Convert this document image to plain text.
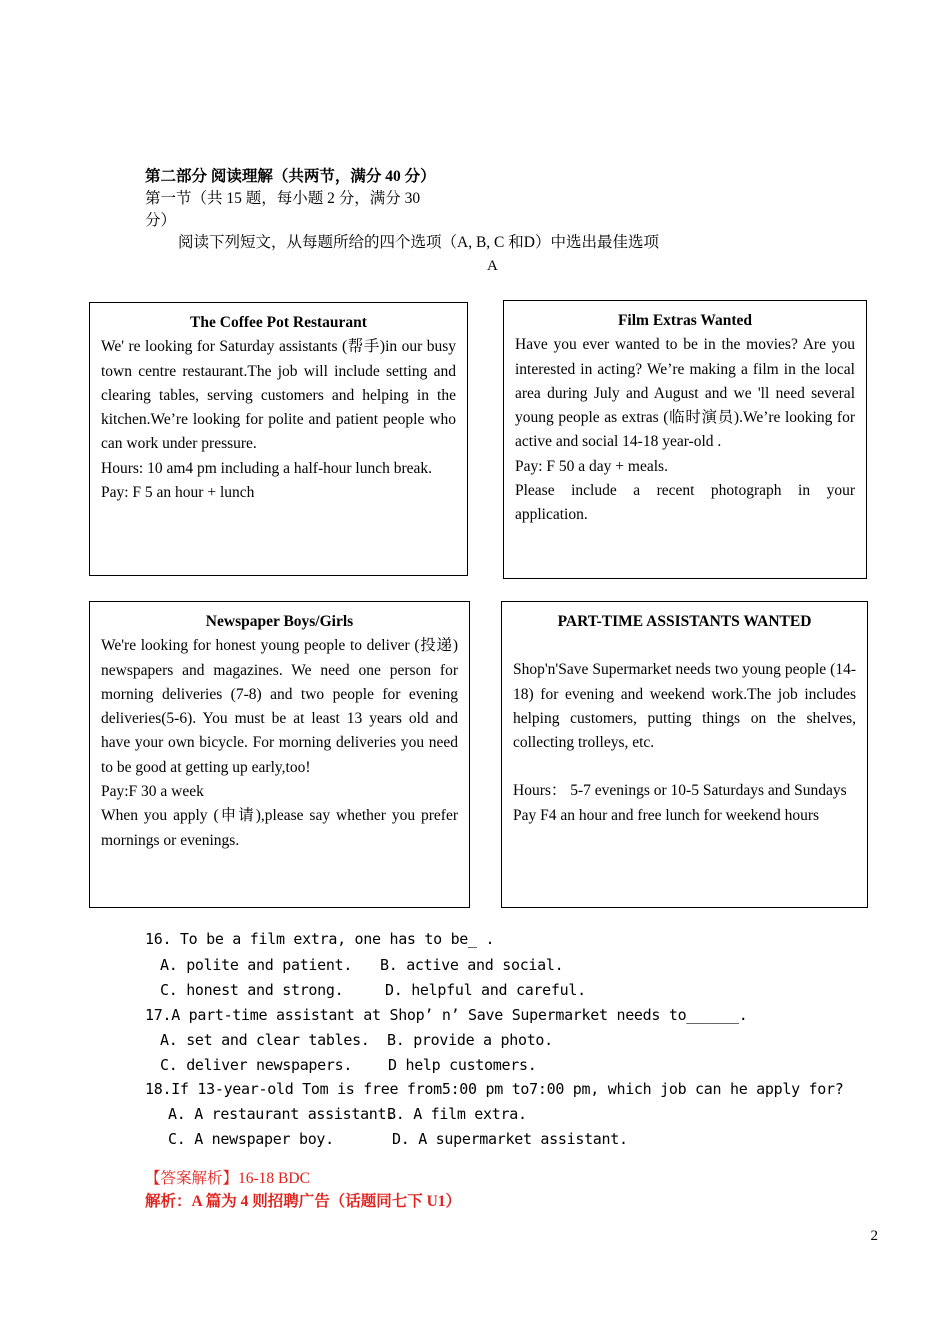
第二部分 阅读理解（共两节，满分 40 分）
第一节（共 15 题，每小题 2 分，满分 30
分）
阅读下列短文，从每题所给的四个选项（A, B, C 和D）中选出最佳选项
A

The Coffee Pot Restaurant

We' re looking for Saturday assistants (帮手)in our busy town centre restaurant.The job will include setting and clearing tables, serving customers and helping in the kitchen.We’re looking for polite and patient people who can work under pressure.

Hours: 10 am4 pm including a half-hour lunch break.

Pay: F 5 an hour + lunch

Film Extras Wanted

Have you ever wanted to be in the movies? Are you interested in acting? We’re making a film in the local area during July and August and we 'll need several young people as extras (临时演员).We’re looking for active and social 14-18 year-old .

Pay: F 50 a day + meals.

Please include a recent photograph in your application.

Newspaper Boys/Girls

We're looking for honest young people to deliver (投递) newspapers and magazines. We need one person for morning deliveries (7-8) and two people for evening deliveries(5-6). You must be at least 13 years old and have your own bicycle. For morning deliveries you need to be good at getting up early,too!

Pay:F 30 a week

When you apply (申请),please say whether you prefer mornings or evenings.

PART-TIME ASSISTANTS WANTED

Shop'n'Save Supermarket needs two young people (14-18) for evening and weekend work.The job includes helping customers, putting things on the shelves, collecting trolleys, etc.

Hours： 5-7 evenings or 10-5 Saturdays and Sundays

Pay F4 an hour and free lunch for weekend hours

16. To be a film extra, one has to be_ .
A. polite and patient. B. active and social.
C. honest and strong.	D. helpful and careful.
17.A part-time assistant at Shop’ n’ Save Supermarket needs to______.
A. set and clear tables. B. provide a photo.
C. deliver newspapers. D help customers.
18.If 13-year-old Tom is free from5:00 pm to7:00 pm, which job can he apply for?
A. A restaurant assistant.
B. A film extra.
C. A newspaper boy.	D. A supermarket assistant.
【答案解析】16-18 BDC
解析：A 篇为 4 则招聘广告（话题同七下 U1）
2
